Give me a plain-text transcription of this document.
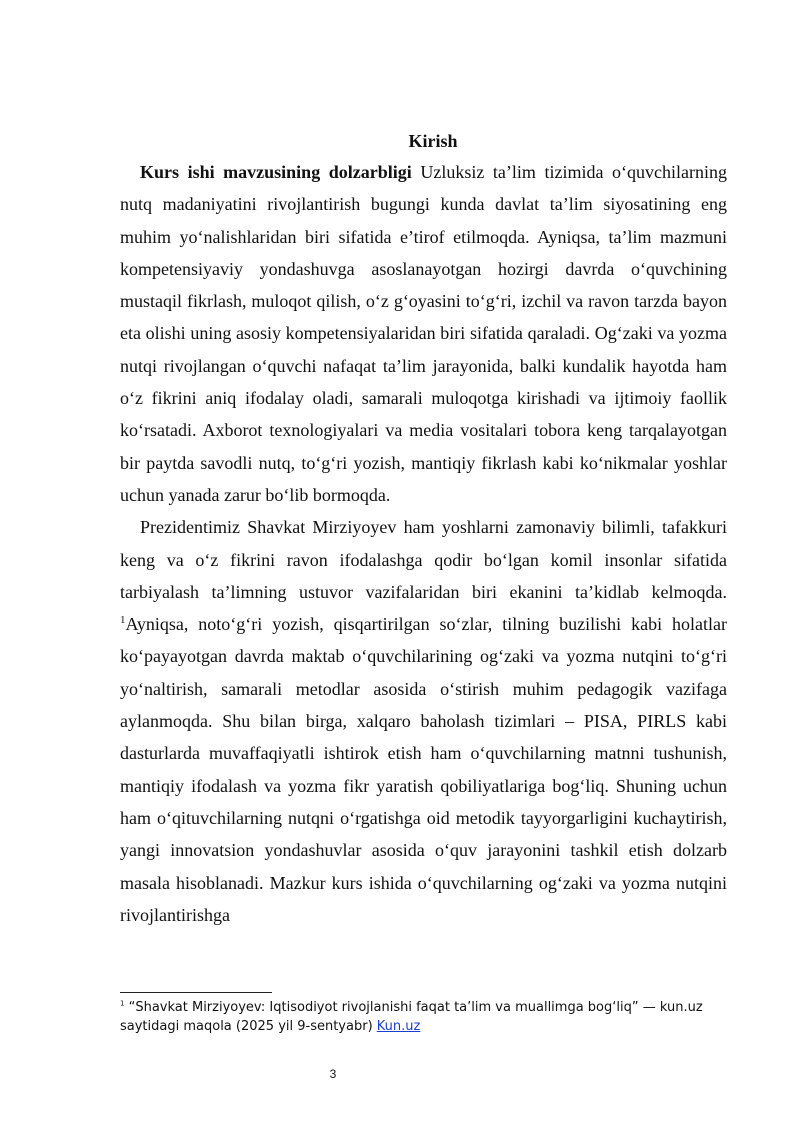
Kirish

Kurs ishi mavzusining dolzarbligi Uzluksiz ta’lim tizimida o‘quvchilarning nutq madaniyatini rivojlantirish bugungi kunda davlat ta’lim siyosatining eng muhim yo‘nalishlaridan biri sifatida e’tirof etilmoqda. Ayniqsa, ta’lim mazmuni kompetensiyaviy yondashuvga asoslanayotgan hozirgi davrda o‘quvchining mustaqil fikrlash, muloqot qilish, o‘z g‘oyasini to‘g‘ri, izchil va ravon tarzda bayon eta olishi uning asosiy kompetensiyalaridan biri sifatida qaraladi. Og‘zaki va yozma nutqi rivojlangan o‘quvchi nafaqat ta’lim jarayonida, balki kundalik hayotda ham o‘z fikrini aniq ifodalay oladi, samarali muloqotga kirishadi va ijtimoiy faollik ko‘rsatadi. Axborot texnologiyalari va media vositalari tobora keng tarqalayotgan bir paytda savodli nutq, to‘g‘ri yozish, mantiqiy fikrlash kabi ko‘nikmalar yoshlar uchun yanada zarur bo‘lib bormoqda.

Prezidentimiz Shavkat Mirziyoyev ham yoshlarni zamonaviy bilimli, tafakkuri keng va o‘z fikrini ravon ifodalashga qodir bo‘lgan komil insonlar sifatida tarbiyalash ta’limning ustuvor vazifalaridan biri ekanini ta’kidlab kelmoqda. $^1$Ayniqsa, noto‘g‘ri yozish, qisqartirilgan so‘zlar, tilning buzilishi kabi holatlar ko‘payayotgan davrda maktab o‘quvchilarining og‘zaki va yozma nutqini to‘g‘ri yo‘naltirish, samarali metodlar asosida o‘stirish muhim pedagogik vazifaga aylanmoqda. Shu bilan birga, xalqaro baholash tizimlari – PISA, PIRLS kabi dasturlarda muvaffaqiyatli ishtirok etish ham o‘quvchilarning matnni tushunish, mantiqiy ifodalash va yozma fikr yaratish qobiliyatlariga bog‘liq. Shuning uchun ham o‘qituvchilarning nutqni o‘rgatishga oid metodik tayyorgarligini kuchaytirish, yangi innovatsion yondashuvlar asosida o‘quv jarayonini tashkil etish dolzarb masala hisoblanadi. Mazkur kurs ishida o‘quvchilarning og‘zaki va yozma nutqini rivojlantirishga

$^1$ “Shavkat Mirziyoyev: Iqtisodiyot rivojlanishi faqat ta’lim va muallimga bog‘liq” — kun.uz saytidagi maqola (2025 yil 9-sentyabr) Kun.uz
3
